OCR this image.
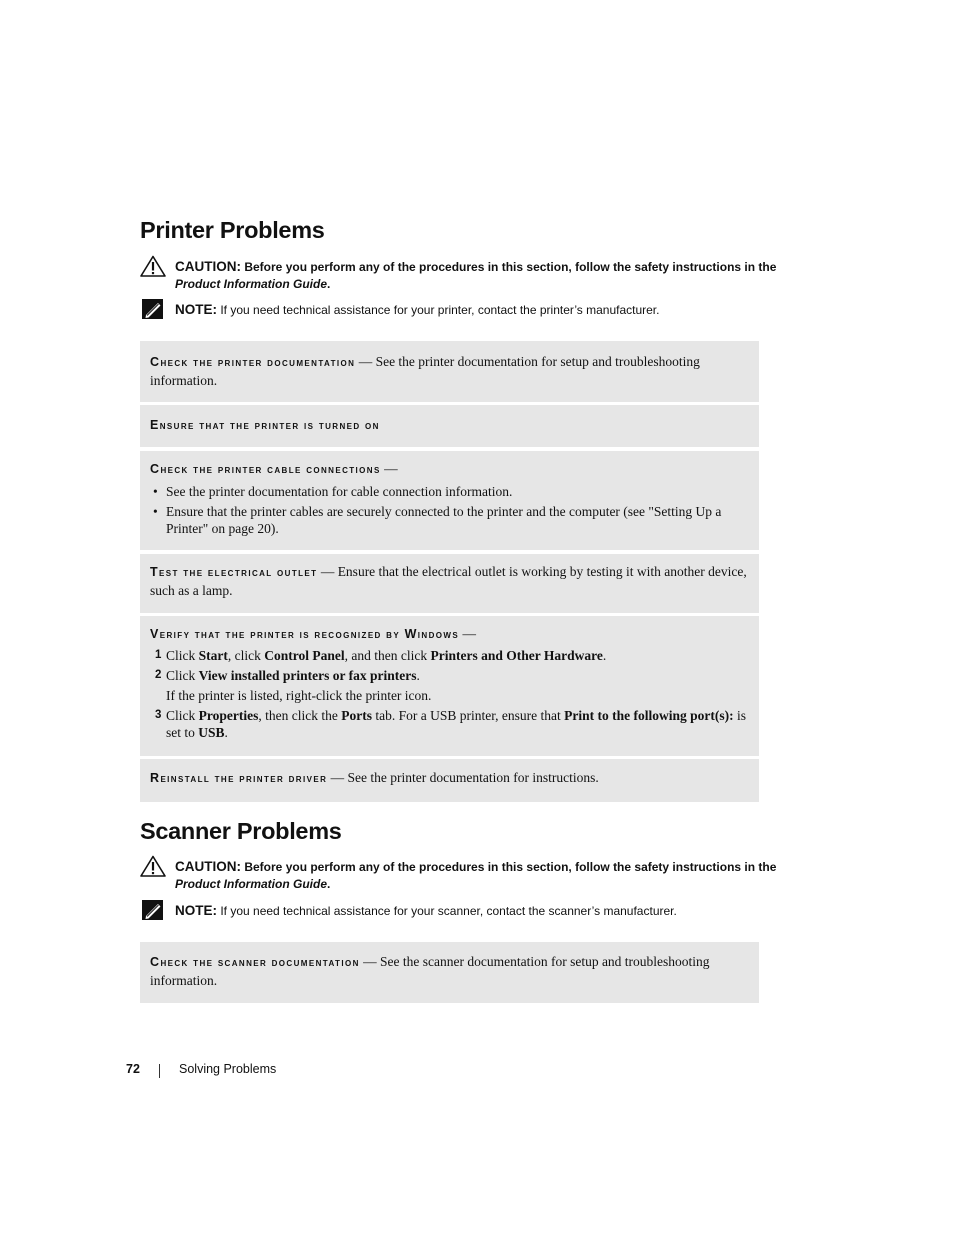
Printer Problems
CAUTION: Before you perform any of the procedures in this section, follow the safety instructions in the Product Information Guide.
NOTE: If you need technical assistance for your printer, contact the printer’s manufacturer.
Check the printer documentation — See the printer documentation for setup and troubleshooting information.
Ensure that the printer is turned on
Check the printer cable connections —
• See the printer documentation for cable connection information.
• Ensure that the printer cables are securely connected to the printer and the computer (see "Setting Up a Printer" on page 20).
Test the electrical outlet — Ensure that the electrical outlet is working by testing it with another device, such as a lamp.
Verify that the printer is recognized by Windows —
1 Click Start, click Control Panel, and then click Printers and Other Hardware.
2 Click View installed printers or fax printers.
If the printer is listed, right-click the printer icon.
3 Click Properties, then click the Ports tab. For a USB printer, ensure that Print to the following port(s): is set to USB.
Reinstall the printer driver — See the printer documentation for instructions.
Scanner Problems
CAUTION: Before you perform any of the procedures in this section, follow the safety instructions in the Product Information Guide.
NOTE: If you need technical assistance for your scanner, contact the scanner’s manufacturer.
Check the scanner documentation — See the scanner documentation for setup and troubleshooting information.
72	Solving Problems
